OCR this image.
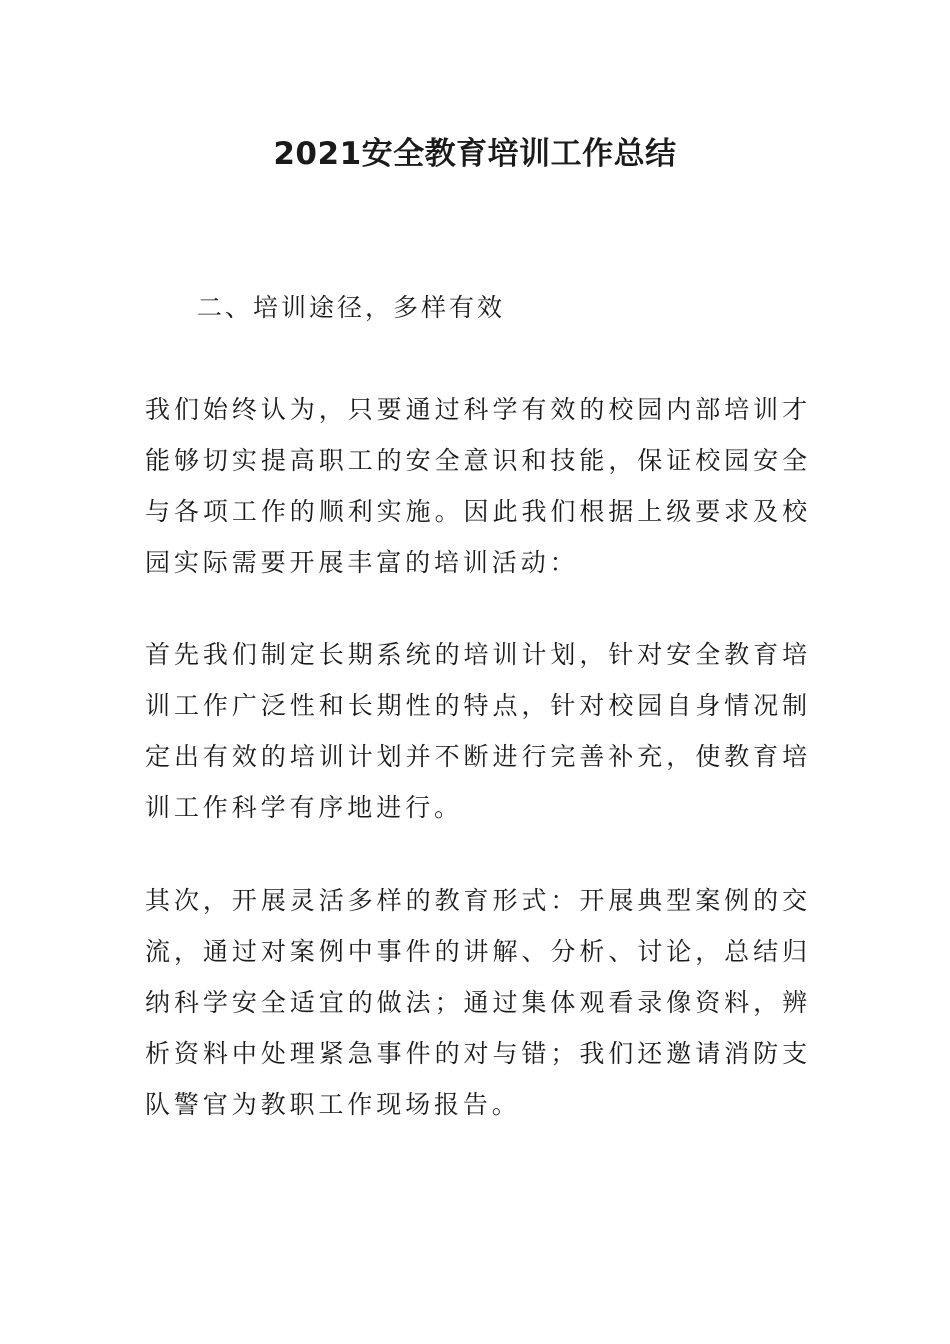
2021安全教育培训工作总结

二、培训途径，多样有效

我们始终认为，只要通过科学有效的校园内部培训才能够切实提高职工的安全意识和技能，保证校园安全与各项工作的顺利实施。因此我们根据上级要求及校园实际需要开展丰富的培训活动：

首先我们制定长期系统的培训计划，针对安全教育培训工作广泛性和长期性的特点，针对校园自身情况制定出有效的培训计划并不断进行完善补充，使教育培训工作科学有序地进行。

其次，开展灵活多样的教育形式：开展典型案例的交流，通过对案例中事件的讲解、分析、讨论，总结归纳科学安全适宜的做法；通过集体观看录像资料，辨析资料中处理紧急事件的对与错；我们还邀请消防支队警官为教职工作现场报告。
